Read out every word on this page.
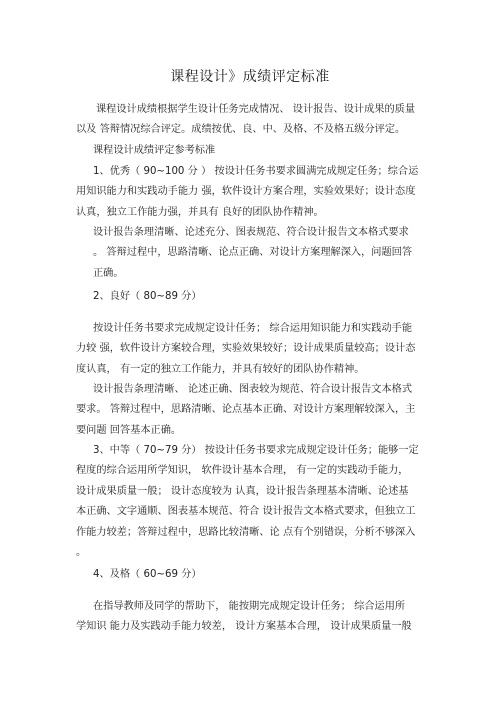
课程设计》成绩评定标准

课程设计成绩根据学生设计任务完成情况、 设计报告、设计成果的质量
以及 答辩情况综合评定。成绩按优、良、中、及格、不及格五级分评定。

课程设计成绩评定参考标准

1、优秀（ 90~100 分 ） 按设计任务书要求圆满完成规定任务；综合运
用知识能力和实践动手能力 强，软件设计方案合理，实验效果好；设计态度
认真，独立工作能力强，并具有 良好的团队协作精神。

设计报告条理清晰、论述充分、图表规范、符合设计报告文本格式要求
。 答辩过程中，思路清晰、论点正确、对设计方案理解深入，问题回答
正确。

2、良好（ 80~89 分）

按设计任务书要求完成规定设计任务； 综合运用知识能力和实践动手能
力较 强，软件设计方案较合理，实验效果较好；设计成果质量较高；设计态
度认真， 有一定的独立工作能力，并具有较好的团队协作精神。

设计报告条理清晰、 论述正确、图表较为规范、符合设计报告文本格式
要求。 答辩过程中，思路清晰、论点基本正确、对设计方案理解较深入，主
要问题 回答基本正确。

3、中等（ 70~79 分） 按设计任务书要求完成规定设计任务；能够一定
程度的综合运用所学知识， 软件设计基本合理， 有一定的实践动手能力，
设计成果质量一般； 设计态度较为 认真，设计报告条理基本清晰、论述基
本正确、文字通顺、图表基本规范、符合 设计报告文本格式要求，但独立工
作能力较差；答辩过程中，思路比较清晰、论 点有个别错误，分析不够深入
。

4、及格（ 60~69 分）

在指导教师及同学的帮助下， 能按期完成规定设计任务； 综合运用所
学知识 能力及实践动手能力较差， 设计方案基本合理， 设计成果质量一般
